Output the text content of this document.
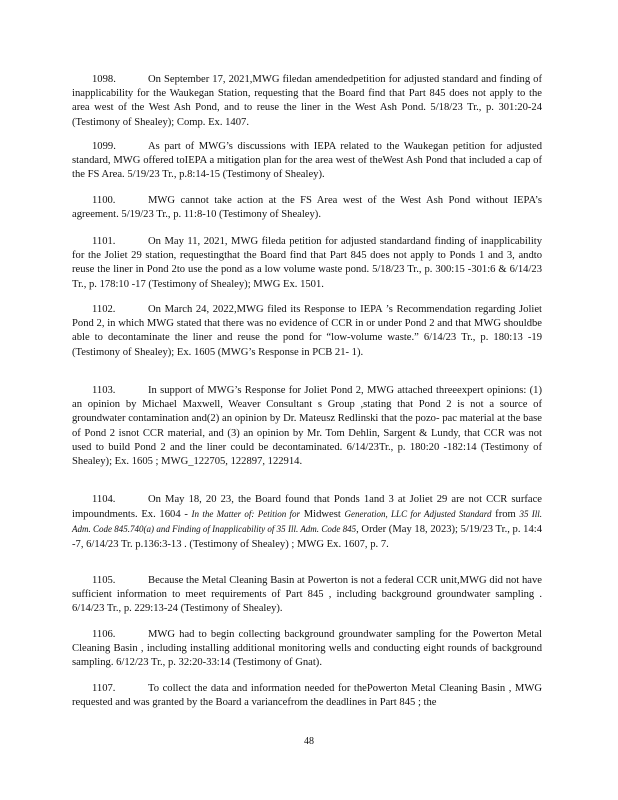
1098.	On September 17, 2021,MWG filedan amendedpetition for adjusted standard and finding of inapplicability for the Waukegan Station, requesting that the Board find that Part 845 does not apply to the area west of the West Ash Pond, and to reuse the liner in the West Ash Pond. 5/18/23 Tr., p. 301:20-24 (Testimony of Shealey); Comp. Ex. 1407.

1099.	As part of MWG’s discussions with IEPA related to the Waukegan petition for adjusted standard, MWG offered toIEPA a mitigation plan for the area west of theWest Ash Pond that included a cap of the FS Area. 5/19/23 Tr., p.8:14-15 (Testimony of Shealey).

1100.	MWG cannot take action at the FS Area west of the West Ash Pond without IEPA’s agreement. 5/19/23 Tr., p. 11:8-10 (Testimony of Shealey).

1101.	On May 11, 2021, MWG fileda petition for adjusted standardand finding of inapplicability for the Joliet 29 station, requestingthat the Board find that Part 845 does not apply to Ponds 1 and 3, andto reuse the liner in Pond 2to use the pond as a low volume waste pond. 5/18/23 Tr., p. 300:15 -301:6 & 6/14/23 Tr., p. 178:10 -17 (Testimony of Shealey); MWG Ex. 1501.

1102.	On March 24, 2022,MWG filed its Response to IEPA ’s Recommendation regarding Joliet Pond 2, in which MWG stated that there was no evidence of CCR in or under Pond 2 and that MWG shouldbe able to decontaminate the liner and reuse the pond for “low-volume waste.” 6/14/23 Tr., p. 180:13 -19 (Testimony of Shealey); Ex. 1605 (MWG’s Response in PCB 21- 1).

1103.	In support of MWG’s Response for Joliet Pond 2, MWG attached threeexpert opinions: (1) an opinion by Michael Maxwell, Weaver Consultant s Group ,stating that Pond 2 is not a source of groundwater contamination and(2) an opinion by Dr. Mateusz Redlinski that the pozo- pac material at the base of Pond 2 isnot CCR material, and (3) an opinion by Mr. Tom Dehlin, Sargent & Lundy, that CCR was not used to build Pond 2 and the liner could be decontaminated. 6/14/23Tr., p. 180:20 -182:14 (Testimony of Shealey); Ex. 1605 ; MWG_122705, 122897, 122914.

1104.	On May 18, 20 23, the Board found that Ponds 1and 3 at Joliet 29 are not CCR surface impoundments. Ex. 1604 - In the Matter of: Petition for Midwest Generation, LLC for Adjusted Standard from 35 Ill. Adm. Code 845.740(a) and Finding of Inapplicability of 35 Ill. Adm. Code 845, Order (May 18, 2023); 5/19/23 Tr., p. 14:4 -7, 6/14/23 Tr. p.136:3-13 . (Testimony of Shealey) ; MWG Ex. 1607, p. 7.

1105.	Because the Metal Cleaning Basin at Powerton is not a federal CCR unit,MWG did not have sufficient information to meet requirements of Part 845 , including background groundwater sampling . 6/14/23 Tr., p. 229:13-24 (Testimony of Shealey).

1106.	MWG had to begin collecting background groundwater sampling for the Powerton Metal Cleaning Basin , including installing additional monitoring wells and conducting eight rounds of background sampling. 6/12/23 Tr., p. 32:20-33:14 (Testimony of Gnat).

1107.	To collect the data and information needed for thePowerton Metal Cleaning Basin , MWG requested and was granted by the Board a variancefrom the deadlines in Part 845 ; the

48
